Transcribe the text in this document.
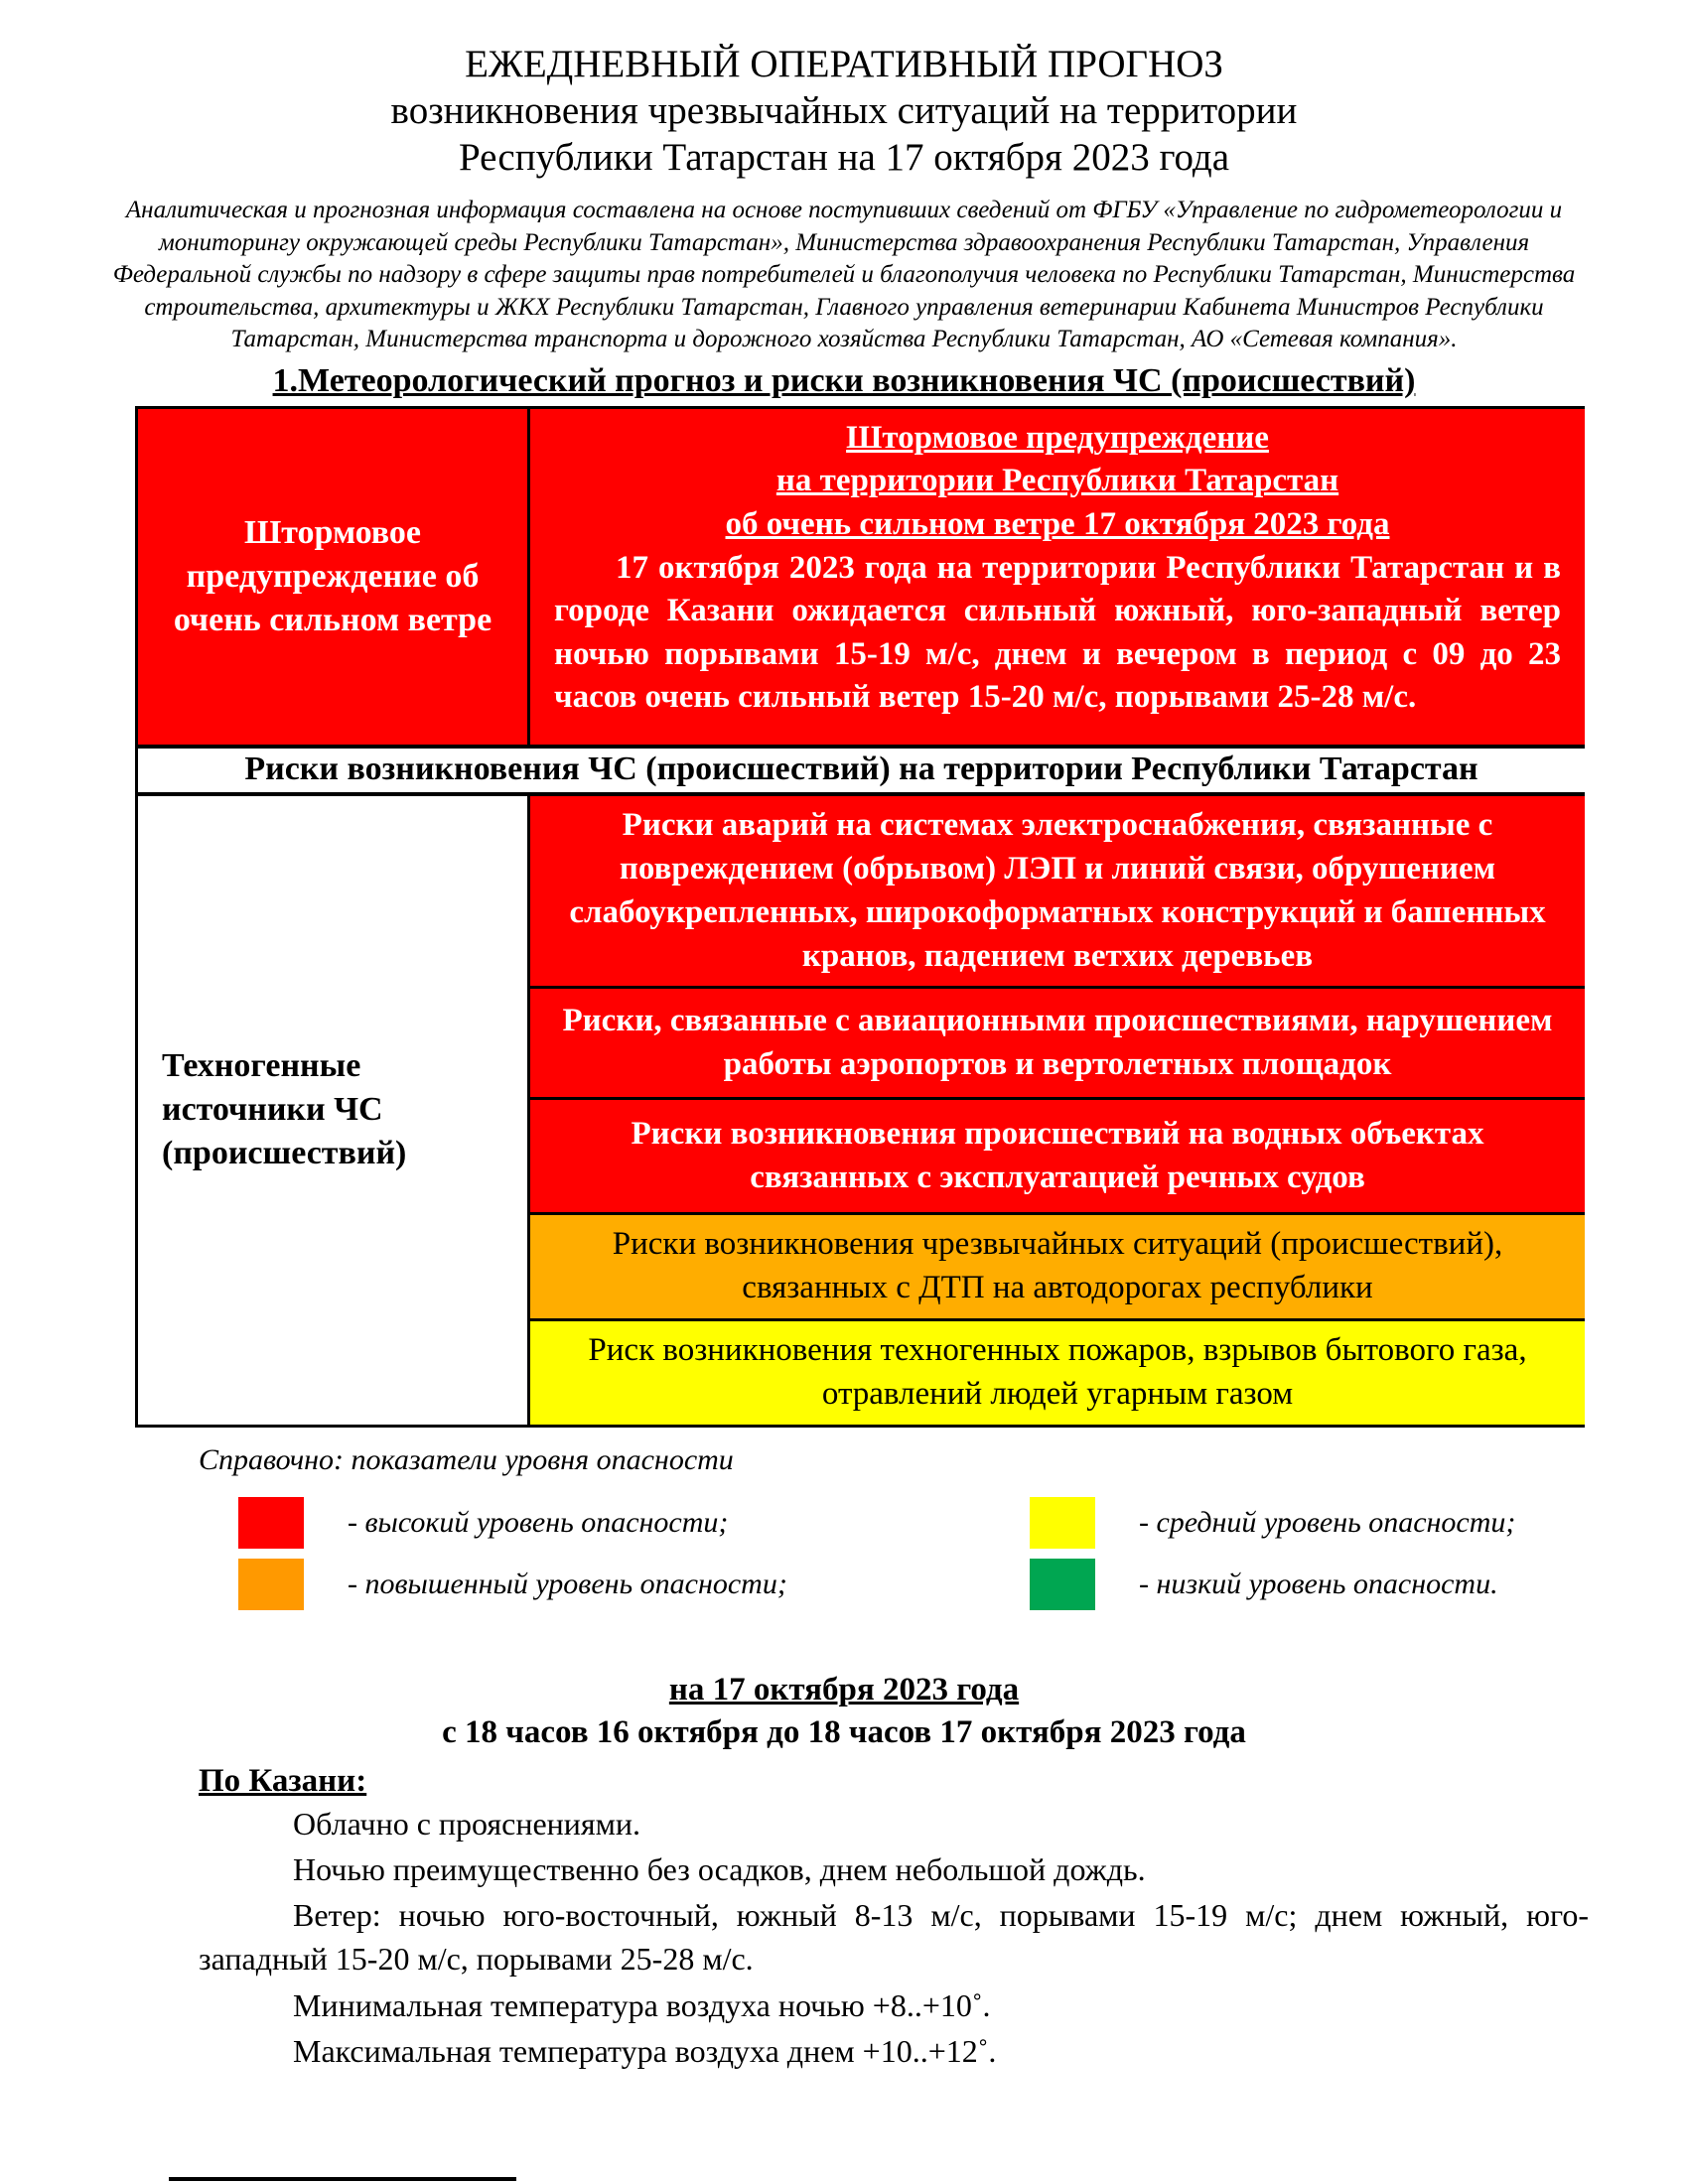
ЕЖЕДНЕВНЫЙ ОПЕРАТИВНЫЙ ПРОГНОЗ
возникновения чрезвычайных ситуаций на территории
Республики Татарстан на 17 октября 2023 года
Аналитическая и прогнозная информация составлена на основе поступивших сведений от ФГБУ «Управление по гидрометеорологии и мониторингу окружающей среды Республики Татарстан», Министерства здравоохранения Республики Татарстан, Управления Федеральной службы по надзору в сфере защиты прав потребителей и благополучия человека по Республики Татарстан, Министерства строительства, архитектуры и ЖКХ Республики Татарстан, Главного управления ветеринарии Кабинета Министров Республики Татарстан, Министерства транспорта и дорожного хозяйства Республики Татарстан, АО «Сетевая компания».
1.Метеорологический прогноз и риски возникновения ЧС (происшествий)
Штормовое предупреждение об очень сильном ветре
Штормовое предупреждение
на территории Республики Татарстан
об очень сильном ветре 17 октября 2023 года
17 октября 2023 года на территории Республики Татарстан и в городе Казани ожидается сильный южный, юго-западный ветер ночью порывами 15-19 м/с, днем и вечером в период с 09 до 23 часов очень сильный ветер 15-20 м/с, порывами 25-28 м/с.
Риски возникновения ЧС (происшествий) на территории Республики Татарстан
Техногенные источники ЧС (происшествий)
Риски аварий на системах электроснабжения, связанные с повреждением (обрывом) ЛЭП и линий связи, обрушением слабоукрепленных, широкоформатных конструкций и башенных кранов, падением ветхих деревьев
Риски, связанные с авиационными происшествиями, нарушением работы аэропортов и вертолетных площадок
Риски возникновения происшествий на водных объектах связанных с эксплуатацией речных судов
Риски возникновения чрезвычайных ситуаций (происшествий), связанных с ДТП на автодорогах республики
Риск возникновения техногенных пожаров, взрывов бытового газа, отравлений людей угарным газом
Справочно: показатели уровня опасности
- высокий уровень опасности;	- средний уровень опасности;
- повышенный уровень опасности;	- низкий уровень опасности.
на 17 октября 2023 года
с 18 часов 16 октября до 18 часов 17 октября 2023 года
По Казани:
Облачно с прояснениями.
Ночью преимущественно без осадков, днем небольшой дождь.
Ветер: ночью юго-восточный, южный 8-13 м/с, порывами 15-19 м/с; днем южный, юго-западный 15-20 м/с, порывами 25-28 м/с.
Минимальная температура воздуха ночью +8..+10˚.
Максимальная температура воздуха днем +10..+12˚.
